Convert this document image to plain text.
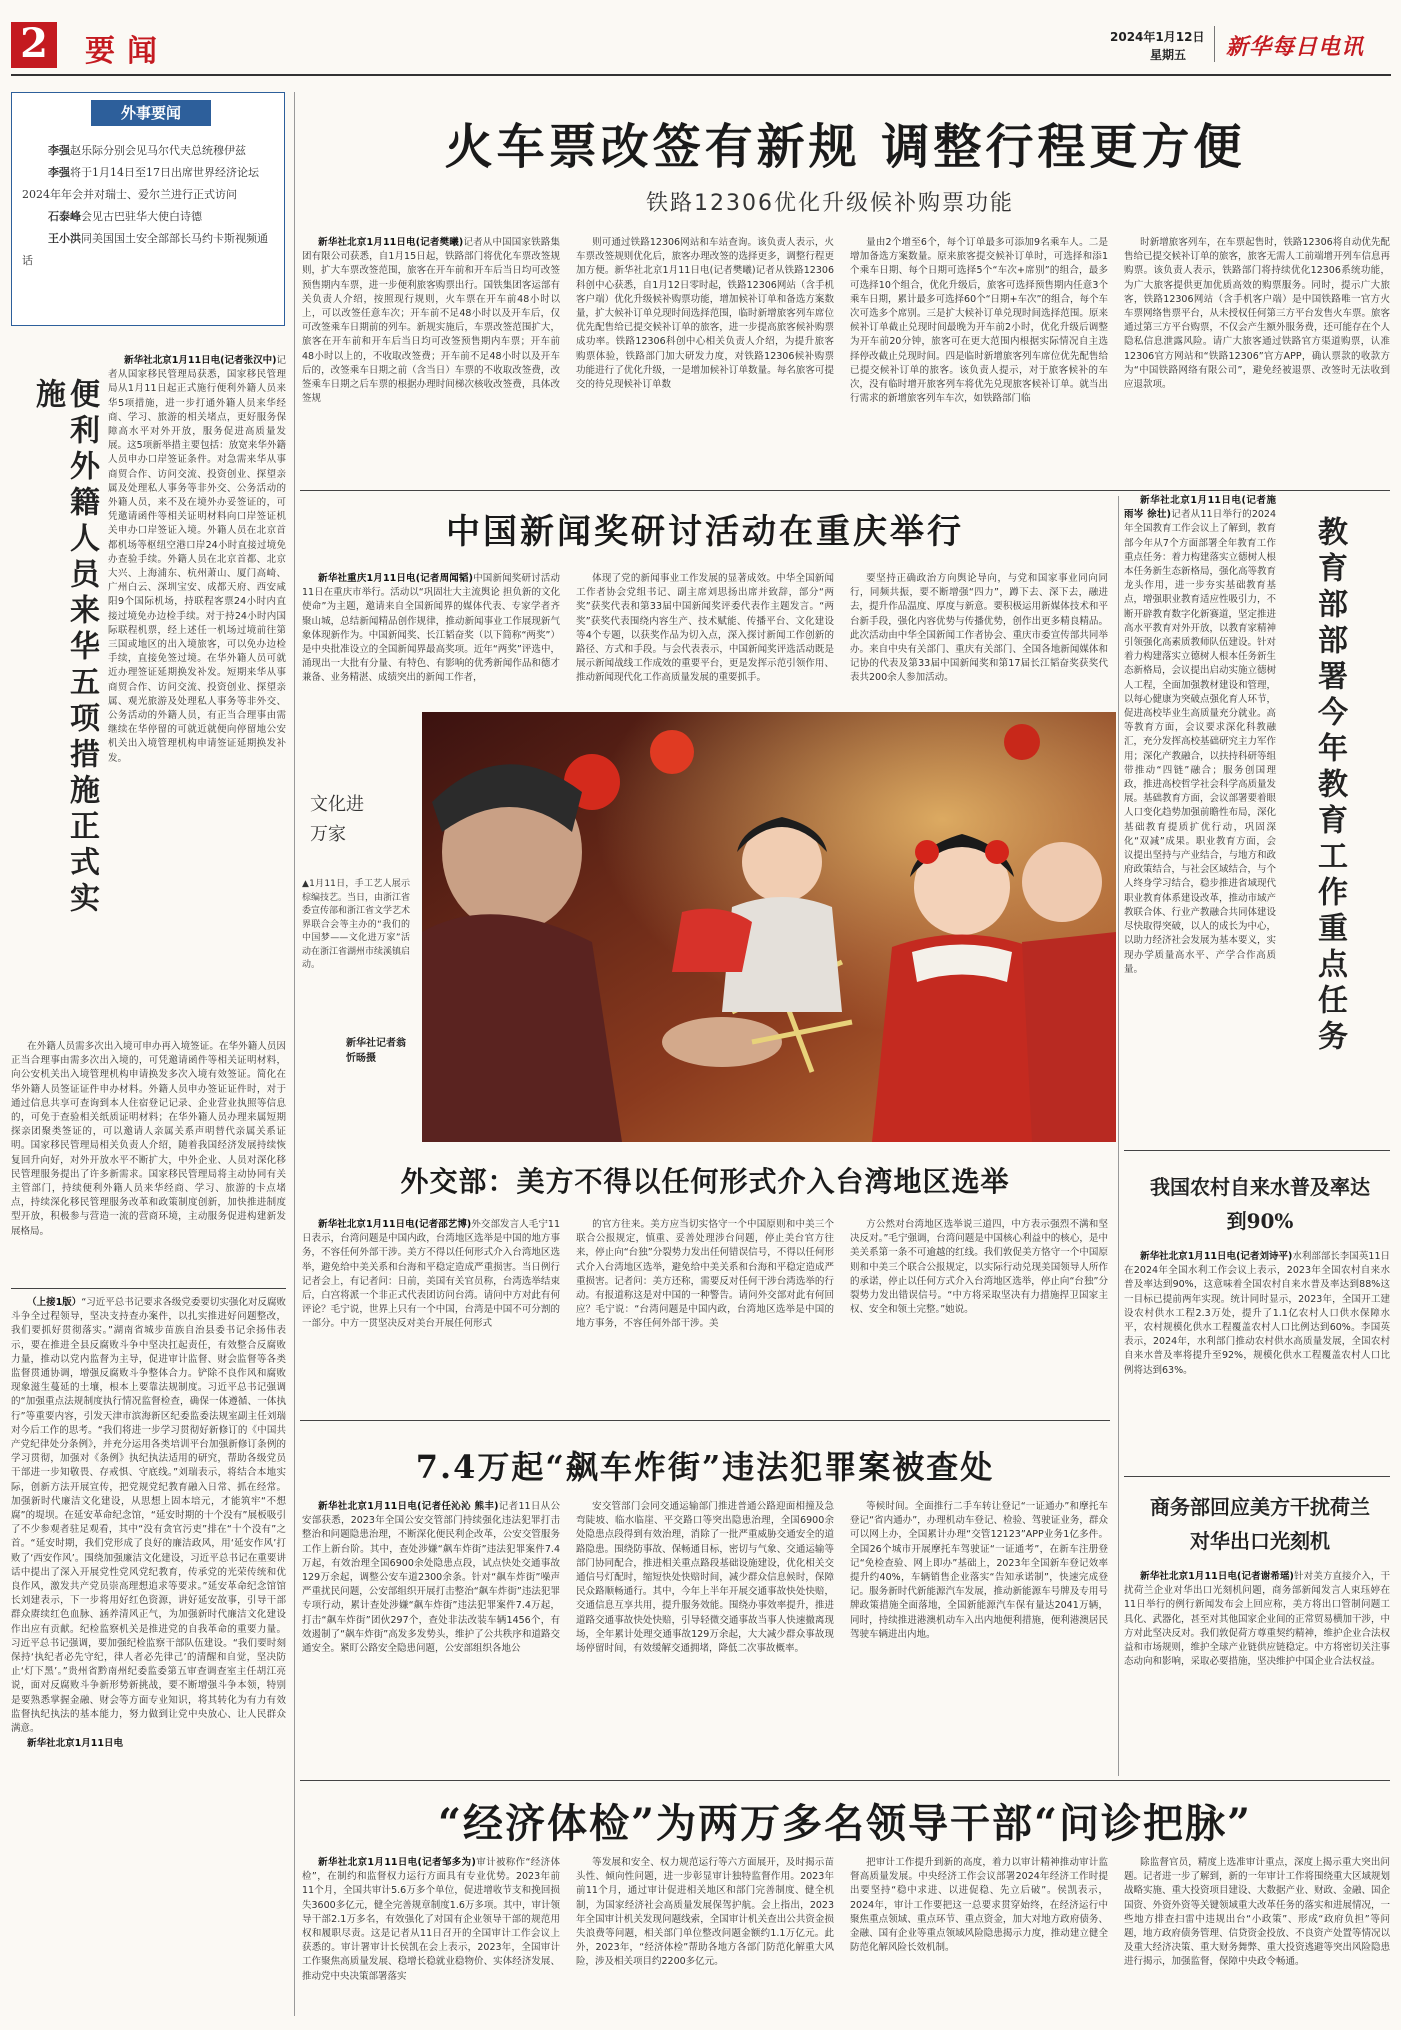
2	要闻	2024年1月12日
星期五 新华每日电讯
外事要闻
李强赵乐际分别会见马尔代夫总统穆伊兹
李强将于1月14日至17日出席世界经济论坛2024年年会并对瑞士、爱尔兰进行正式访问
石泰峰会见古巴驻华大使白诗德
王小洪同美国国土安全部部长马约卡斯视频通话
便利外籍人员来华五项措施正式实施

新华社北京1月11日电(记者张汉中)记者从国家移民管理局获悉，国家移民管理局从1月11日起正式施行便利外籍人员来华5项措施，进一步打通外籍人员来华经商、学习、旅游的相关堵点，更好服务保障高水平对外开放，服务促进高质量发展。这5项新举措主要包括：放宽来华外籍人员申办口岸签证条件。对急需来华从事商贸合作、访问交流、投资创业、探望亲属及处理私人事务等非外交、公务活动的外籍人员，来不及在境外办妥签证的，可凭邀请函件等相关证明材料向口岸签证机关申办口岸签证入境。外籍人员在北京首都机场等枢纽空港口岸24小时直接过境免办查验手续。外籍人员在北京首都、北京大兴、上海浦东、杭州萧山、厦门高崎、广州白云、深圳宝安、成都天府、西安咸阳9个国际机场，持联程客票24小时内直接过境免办边检手续。对于持24小时内国际联程机票，经上述任一机场过境前往第三国或地区的出入境旅客，可以免办边检手续，直接免签过境。在华外籍人员可就近办理签证延期换发补发。短期来华从事商贸合作、访问交流、投资创业、探望亲属、观光旅游及处理私人事务等非外交、公务活动的外籍人员，有正当合理事由需继续在华停留的可就近就便向停留地公安机关出入境管理机构申请签证延期换发补发。

在外籍人员需多次出入境可申办再入境签证。在华外籍人员因正当合理事由需多次出入境的，可凭邀请函件等相关证明材料，向公安机关出入境管理机构申请换发多次入境有效签证。简化在华外籍人员签证证件申办材料。外籍人员申办签证证件时，对于通过信息共享可查询到本人住宿登记记录、企业营业执照等信息的，可免于查验相关纸质证明材料；在华外籍人员办理来属短期探亲团聚类签证的，可以邀请人亲属关系声明替代亲属关系证明。国家移民管理局相关负责人介绍，随着我国经济发展持续恢复回升向好，对外开放水平不断扩大，中外企业、人员对深化移民管理服务提出了许多新需求。国家移民管理局将主动协同有关主管部门，持续便利外籍人员来华经商、学习、旅游的卡点堵点，持续深化移民管理服务改革和政策制度创新，加快推进制度型开放，积极参与营造一流的营商环境，主动服务促进构建新发展格局。

（上接1版）“习近平总书记要求各级党委要切实强化对反腐败斗争全过程领导，坚决支持查办案件，以扎实推进好问题整改，我们要抓好贯彻落实。”湖南省城步苗族自治县委书记余扬伟表示，要在推进全县反腐败斗争中坚决扛起责任，有效整合反腐败力量，推动以党内监督为主导，促进审计监督、财会监督等各类监督贯通协调，增强反腐败斗争整体合力。铲除不良作风和腐败现象滋生蔓延的土壤，根本上要靠法规制度。习近平总书记强调的“加强重点法规制度执行情况监督检查，确保一体遵循、一体执行”等重要内容，引发天津市滨海新区纪委监委法规室副主任刘瑞对今后工作的思考。“我们将进一步学习贯彻好新修订的《中国共产党纪律处分条例》，并充分运用各类培训平台加强新修订条例的学习贯彻，加强对《条例》执纪执法适用的研究，帮助各级党员干部进一步知敬畏、存戒惧、守底线。”刘瑞表示，将结合本地实际，创新方法开展宣传，把党规党纪教育融入日常、抓在经常。加强新时代廉洁文化建设，从思想上固本培元，才能筑牢“不想腐”的堤坝。在延安革命纪念馆，“延安时期的十个没有”展板吸引了不少参观者驻足观看，其中“没有贪官污吏”排在“十个没有”之首。“延安时期，我们党形成了良好的廉洁政风，用‘延安作风’打败了‘西安作风’。围绕加强廉洁文化建设，习近平总书记在重要讲话中提出了深入开展党性党风党纪教育，传承党的光荣传统和优良作风，激发共产党员崇高理想追求等要求。”延安革命纪念馆馆长刘建表示，下一步将用好红色资源，讲好延安故事，引导干部群众赓续红色血脉、涵养清风正气，为加强新时代廉洁文化建设作出应有贡献。纪检监察机关是推进党的自我革命的重要力量。习近平总书记强调，要加强纪检监察干部队伍建设。“我们要时刻保持‘执纪者必先守纪，律人者必先律己’的清醒和自觉，坚决防止‘灯下黑’。”贵州省黔南州纪委监委第五审查调查室主任胡江亮说，面对反腐败斗争新形势新挑战，要不断增强斗争本领，特别是要熟悉掌握金融、财会等方面专业知识，将其转化为有力有效监督执纪执法的基本能力，努力做到让党中央放心、让人民群众满意。

新华社北京1月11日电

火车票改签有新规 调整行程更方便
铁路12306优化升级候补购票功能

新华社北京1月11日电(记者樊曦)记者从中国国家铁路集团有限公司获悉，自1月15日起，铁路部门将优化车票改签规则，扩大车票改签范围，旅客在开车前和开车后当日均可改签预售期内车票，进一步便利旅客购票出行。国铁集团客运部有关负责人介绍，按照现行规则，火车票在开车前48小时以上，可以改签任意车次；开车前不足48小时以及开车后，仅可改签乘车日期前的列车。新规实施后，车票改签范围扩大，旅客在开车前和开车后当日均可改签预售期内车票；开车前48小时以上的，不收取改签费；开车前不足48小时以及开车后的，改签乘车日期之前（含当日）车票的不收取改签费，改签乘车日期之后车票的根据办理时间梯次核收改签费，具体改签规

则可通过铁路12306网站和车站查询。该负责人表示，火车票改签规则优化后，旅客办理改签的选择更多，调整行程更加方便。新华社北京1月11日电(记者樊曦)记者从铁路12306科创中心获悉，自1月12日零时起，铁路12306网站（含手机客户端）优化升级候补购票功能，增加候补订单和备选方案数量，扩大候补订单兑现时间选择范围，临时新增旅客列车席位优先配售给已提交候补订单的旅客，进一步提高旅客候补购票成功率。铁路12306科创中心相关负责人介绍，为提升旅客购票体验，铁路部门加大研发力度，对铁路12306候补购票功能进行了优化升级，一是增加候补订单数量。每名旅客可提交的待兑现候补订单数

量由2个增至6个，每个订单最多可添加9名乘车人。二是增加备选方案数量。原来旅客提交候补订单时，可选择和添1个乘车日期、每个日期可选择5个“车次+席别”的组合，最多可选择10个组合，优化升级后，旅客可选择预售期内任意3个乘车日期，累计最多可选择60个“日期+车次”的组合，每个车次可选多个席别。三是扩大候补订单兑现时间选择范围。原来候补订单截止兑现时间最晚为开车前2小时，优化升级后调整为开车前20分钟，旅客可在更大范围内根据实际情况自主选择停改截止兑现时间。四是临时新增旅客列车席位优先配售给已提交候补订单的旅客。该负责人提示，对于旅客候补的车次，没有临时增开旅客列车将优先兑现旅客候补订单。就当出行需求的新增旅客列车车次，如铁路部门临

时新增旅客列车，在车票起售时，铁路12306将自动优先配售给已提交候补订单的旅客，旅客无需人工前端增开列车信息再购票。该负责人表示，铁路部门将持续优化12306系统功能，为广大旅客提供更加优质高效的购票服务。同时，提示广大旅客，铁路12306网站（含手机客户端）是中国铁路唯一官方火车票网络售票平台，从未授权任何第三方平台发售火车票。旅客通过第三方平台购票，不仅会产生额外服务费，还可能存在个人隐私信息泄露风险。请广大旅客通过铁路官方渠道购票，认准12306官方网站和“铁路12306”官方APP，确认票款的收款方为“中国铁路网络有限公司”，避免经被退票、改签时无法收到应退款项。

中国新闻奖研讨活动在重庆举行

新华社重庆1月11日电(记者周闻韬)中国新闻奖研讨活动11日在重庆市举行。活动以“巩固壮大主流舆论 担负新的文化使命”为主题，邀请来自全国新闻界的媒体代表、专家学者齐聚山城，总结新闻精品创作规律，推动新闻事业工作展现新气象体现新作为。中国新闻奖、长江韬奋奖（以下简称“两奖”）是中央批准设立的全国新闻界最高奖项。近年“两奖”评选中，涌现出一大批有分量、有特色、有影响的优秀新闻作品和德才兼备、业务精湛、成绩突出的新闻工作者，

体现了党的新闻事业工作发展的显著成效。中华全国新闻工作者协会党组书记、副主席刘思扬出席并致辞，部分“两奖”获奖代表和第33届中国新闻奖评委代表作主题发言。“两奖”获奖代表围绕内容生产、技术赋能、传播平台、文化建设等4个专题，以获奖作品为切入点，深入探讨新闻工作创新的路径、方式和手段。与会代表表示，中国新闻奖评选活动既是展示新闻战线工作成效的重要平台，更是发挥示范引领作用、推动新闻现代化工作高质量发展的重要抓手。

要坚持正确政治方向舆论导向，与党和国家事业同向同行，同频共振，要不断增强“四力”，蹲下去、深下去，融进去，提升作品温度、厚度与新意。要积极运用新媒体技术和平台新手段，强化内容优势与传播优势，创作出更多精良精品。此次活动由中华全国新闻工作者协会、重庆市委宣传部共同举办。来自中央有关部门、重庆有关部门、全国各地新闻媒体和记协的代表及第33届中国新闻奖和第17届长江韬奋奖获奖代表共200余人参加活动。

文化进万家

▲1月11日，手工艺人展示棕编技艺。当日，由浙江省委宣传部和浙江省文学艺术界联合会等主办的“我们的中国梦——文化进万家”活动在浙江省湖州市续溪镇启动。

新华社记者翁忻旸摄

新华社北京1月11日电(记者施雨岑 徐壮)记者从11日举行的2024年全国教育工作会议上了解到，教育部今年从7个方面部署全年教育工作重点任务：着力构建落实立德树人根本任务新生态新格局，强化高等教育龙头作用，进一步夯实基础教育基点，增强职业教育适应性吸引力，不断开辟教育数字化新赛道，坚定推进高水平教育对外开放，以教育家精神引领强化高素质教师队伍建设。针对着力构建落实立德树人根本任务新生态新格局，会议提出启动实施立德树人工程，全面加强教材建设和管理，以每心健康为突破点强化育人环节，促进高校毕业生高质量充分就业。高等教育方面，会议要求深化科教融汇，充分发挥高校基础研究主力军作用；深化产教融合，以扶持科研等组带推动“四链”融合；服务创国理政，推进高校哲学社会科学高质量发展。基础教育方面，会议部署要着眼人口变化趋势加强前瞻性布局，深化基础教育提质扩优行动，巩固深化“双减”成果。职业教育方面，会议提出坚持与产业结合，与地方和政府政策结合，与社会区域结合，与个人终身学习结合，稳步推进省域现代职业教育体系建设改革，推动市域产教联合体、行业产教融合共同体建设尽快取得突破，以人的成长为中心，以助力经济社会发展为基本要义，实现办学质量高水平、产学合作高质量。	教育部部署今年教育工作重点任务
外交部：美方不得以任何形式介入台湾地区选举

新华社北京1月11日电(记者邵艺博)外交部发言人毛宁11日表示，台湾问题是中国内政，台湾地区选举是中国的地方事务，不容任何外部干涉。美方不得以任何形式介入台湾地区选举，避免给中美关系和台海和平稳定造成严重损害。当日例行记者会上，有记者问：日前，美国有关官员称，台湾选举结束后，白宫将派一个非正式代表团访问台湾。请问中方对此有何评论？毛宁说，世界上只有一个中国，台湾是中国不可分割的一部分。中方一贯坚决反对美台开展任何形式

的官方往来。美方应当切实恪守一个中国原则和中美三个联合公报规定，慎重、妥善处理涉台问题，停止美台官方往来，停止向“台独”分裂势力发出任何错误信号，不得以任何形式介入台湾地区选举，避免给中美关系和台海和平稳定造成严重损害。记者问：美方还称，需要反对任何干涉台湾选举的行动。有报道称这是对中国的一种警告。请问外交部对此有何回应？毛宁说：“台湾问题是中国内政，台湾地区选举是中国的地方事务，不容任何外部干涉。美

方公然对台湾地区选举说三道四，中方表示强烈不满和坚决反对。”毛宁强调，台湾问题是中国核心利益中的核心，是中美关系第一条不可逾越的红线。我们敦促美方恪守一个中国原则和中美三个联合公报规定，以实际行动兑现美国领导人所作的承诺，停止以任何方式介入台湾地区选举，停止向“台独”分裂势力发出错误信号。“中方将采取坚决有力措施捍卫国家主权、安全和领土完整。”她说。

我国农村自来水普及率达到90%

新华社北京1月11日电(记者刘诗平)水利部部长李国英11日在2024年全国水利工作会议上表示，2023年全国农村自来水普及率达到90%，这意味着全国农村自来水普及率达到88%这一目标已提前两年实现。统计同时显示，2023年，全国开工建设农村供水工程2.3万处，提升了1.1亿农村人口供水保障水平，农村规模化供水工程覆盖农村人口比例达到60%。李国英表示，2024年，水利部门推动农村供水高质量发展，全国农村自来水普及率将提升至92%，规模化供水工程覆盖农村人口比例将达到63%。

7.4万起“飙车炸街”违法犯罪案被查处

新华社北京1月11日电(记者任沁沁 熊丰)记者11日从公安部获悉，2023年全国公安交管部门持续强化违法犯罪打击整治和问题隐患治理，不断深化便民利企改革，公安交管服务工作上新台阶。其中，查处涉嫌“飙车炸街”违法犯罪案件7.4万起，有效治理全国6900余处隐患点段，试点快处交通事故129万余起，调整公安车道2300余条。针对“飙车炸街”噪声严重扰民问题，公安部组织开展打击整治“飙车炸街”违法犯罪专项行动，累计查处涉嫌“飙车炸街”违法犯罪案件7.4万起，打击“飙车炸街”团伙297个，查处非法改装车辆1456个，有效遏制了“飙车炸街”高发多发势头，维护了公共秩序和道路交通安全。紧盯公路安全隐患问题，公安部组织各地公

安交管部门会同交通运输部门推进普通公路迎面相撞及急弯陡坡、临水临崖、平交路口等突出隐患治理，全国6900余处隐患点段得到有效治理，消除了一批严重威胁交通安全的道路隐患。围绕防事故、保畅通目标，密切与气象、交通运输等部门协同配合，推进相关重点路段基础设施建设，优化相关交通信号灯配时，缩短快处快赔时间，减少群众信息候时，保障民众路顺畅通行。其中，今年上半年开展交通事故快处快赔，交通信息互享共用，提升服务效能。围绕办事效率提升，推进道路交通事故快处快赔，引导轻微交通事故当事人快速撤离现场，全年累计处理交通事故129万余起，大大减少群众事故现场停留时间，有效缓解交通拥堵，降低二次事故概率。

等候时间。全面推行二手车转让登记“一证通办”和摩托车登记“省内通办”，办理机动车登记、检验、驾驶证业务，群众可以网上办，全国累计办理“交管12123”APP业务1亿多件。全国26个城市开展摩托车驾驶证“一证通考”，在新车注册登记“免检查验、网上即办”基础上，2023年全国新车登记效率提升约40%，车辆销售企业落实“告知承诺制”，快速完成登记。服务新时代新能源汽车发展，推动新能源车号牌及专用号牌政策措施全面落地，全国新能源汽车保有量达2041万辆，同时，持续推进港澳机动车入出内地便利措施，便利港澳居民驾驶车辆进出内地。

商务部回应美方干扰荷兰对华出口光刻机

新华社北京1月11日电(记者谢希瑶)针对美方直接介入，干扰荷兰企业对华出口光刻机问题，商务部新闻发言人束珏婷在11日举行的例行新闻发布会上回应称，美方将出口管制问题工具化、武器化，甚至对其他国家企业间的正常贸易横加干涉，中方对此坚决反对。我们敦促荷方尊重契约精神，维护企业合法权益和市场规则，维护全球产业链供应链稳定。中方将密切关注事态动向和影响，采取必要措施，坚决维护中国企业合法权益。

“经济体检”为两万多名领导干部“问诊把脉”

新华社北京1月11日电(记者邹多为)审计被称作“经济体检”，在制约和监督权力运行方面具有专业优势。2023年前11个月，全国共审计5.6万多个单位，促进增收节支和挽回损失3600多亿元，健全完善规章制度1.6万多项。其中，审计领导干部2.1万多名，有效强化了对国有企业领导干部的规范用权和履职尽责。这是记者从11日召开的全国审计工作会议上获悉的。审计署审计长侯凯在会上表示，2023年，全国审计工作聚焦高质量发展、稳增长稳就业稳物价、实体经济发展、推动党中央决策部署落实

等发展和安全、权力规范运行等六方面展开，及时揭示苗头性、倾向性问题，进一步彰显审计独特监督作用。2023年前11个月，通过审计促进相关地区和部门完善制度、健全机制，为国家经济社会高质量发展保驾护航。会上指出，2023年全国审计机关发现问题线索，全国审计机关查出公共资金损失浪费等问题，相关部门单位整改问题金额约1.1万亿元。此外，2023年，“经济体检”帮助各地方各部门防范化解重大风险，涉及相关项目约2200多亿元。

把审计工作提升到新的高度，着力以审计精神推动审计监督高质量发展。中央经济工作会议部署2024年经济工作时提出要坚持“稳中求进、以进促稳、先立后破”。侯凯表示，2024年，审计工作要把这一总要求贯穿始终，在经济运行中聚焦重点领域、重点环节、重点资金，加大对地方政府债务、金融、国有企业等重点领域风险隐患揭示力度，推动建立健全防范化解风险长效机制。

除监督官员，精度上选准审计重点，深度上揭示重大突出问题。记者进一步了解到，新的一年审计工作将围绕重大区域规划战略实施、重大投资项目建设、大数据产业、财政、金融、国企国资、外资外资等关键领域重大改革任务的落实和进展情况，一些地方排查扫雷中违规出台“小政策”、形成“政府负担”等问题，地方政府债务管理、信贷资金投放、不良资产处置等情况以及重大经济决策、重大财务舞弊、重大投资逃避等突出风险隐患进行揭示，加强监督，保障中央政令畅通。
